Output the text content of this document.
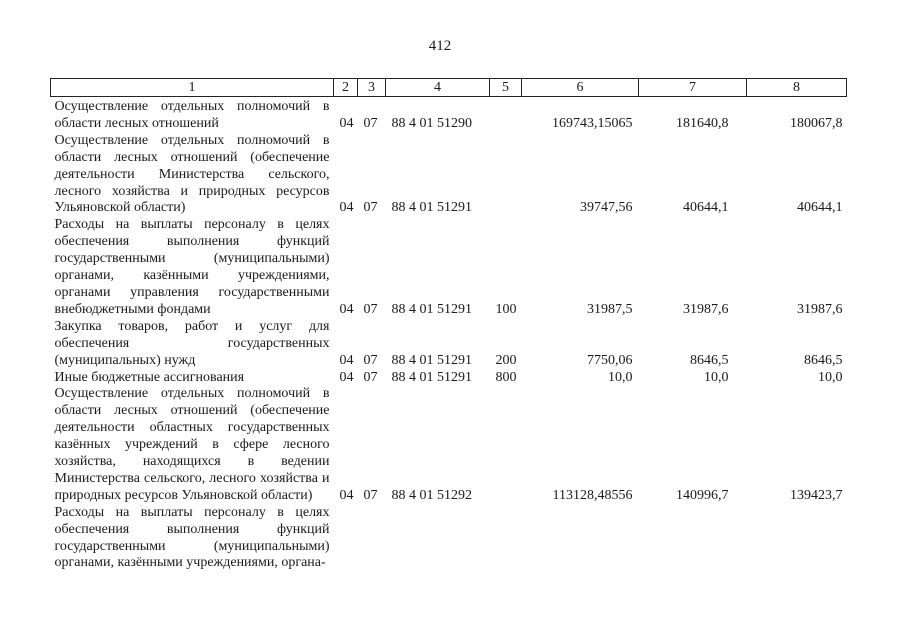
412
1	2	3	4	5	6	7	8
Осуществление отдельных полномочий в области лесных отношений	04	07	88 4 01 51290		169743,15065	181640,8	180067,8
Осуществление отдельных полномочий в области лесных отношений (обеспечение деятельности Министерства сельского, лесного хозяйства и природных ресурсов Ульяновской области)	04	07	88 4 01 51291		39747,56	40644,1	40644,1
Расходы на выплаты персоналу в целях обеспечения выполнения функций государственными (муниципальными) органами, казёнными учреждениями, органами управления государственными внебюджетными фондами	04	07	88 4 01 51291	100	31987,5	31987,6	31987,6
Закупка товаров, работ и услуг для обеспечения государственных (муниципальных) нужд	04	07	88 4 01 51291	200	7750,06	8646,5	8646,5
Иные бюджетные ассигнования	04	07	88 4 01 51291	800	10,0	10,0	10,0
Осуществление отдельных полномочий в области лесных отношений (обеспечение деятельности областных государственных казённых учреждений в сфере лесного хозяйства, находящихся в ведении Министерства сельского, лесного хозяйства и природных ресурсов Ульяновской области)	04	07	88 4 01 51292		113128,48556	140996,7	139423,7
Расходы на выплаты персоналу в целях обеспечения выполнения функций государственными (муниципальными) органами, казёнными учреждениями, органа-							
